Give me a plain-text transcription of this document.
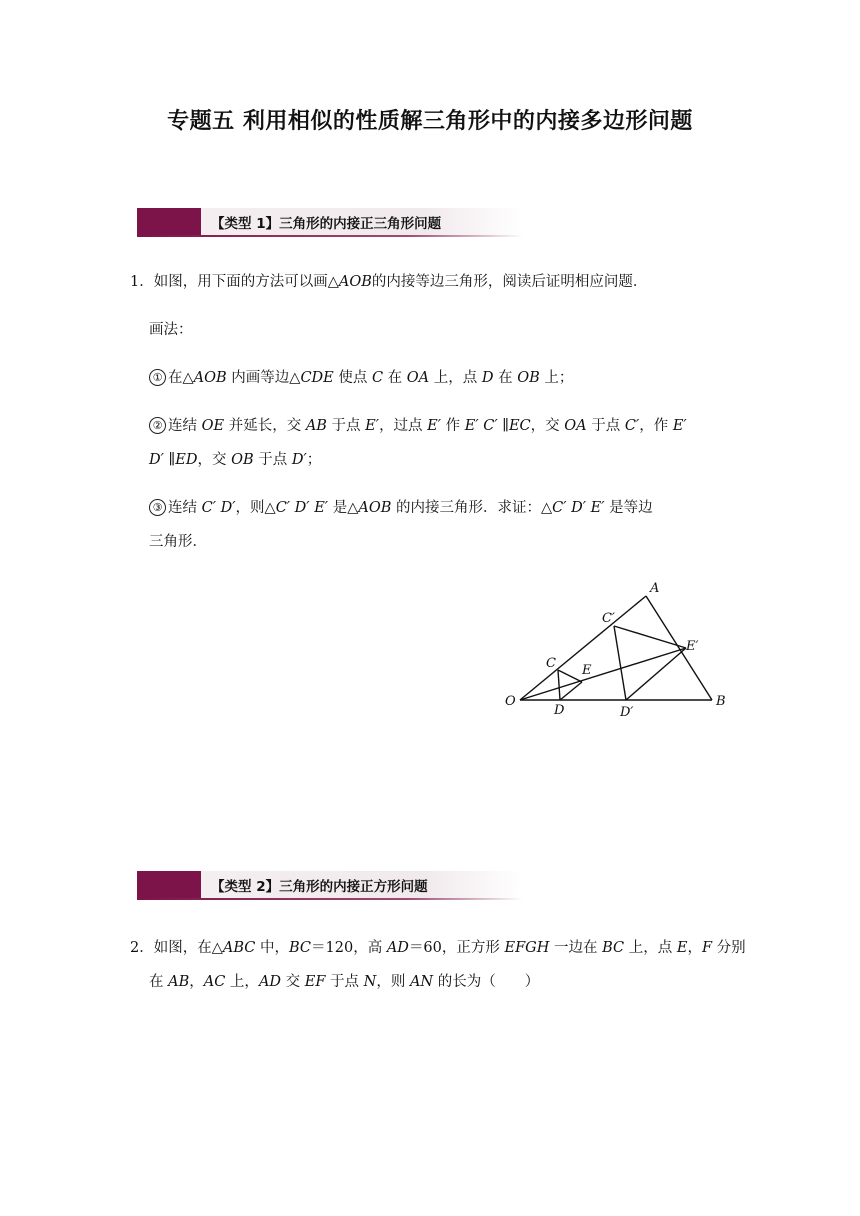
专题五 利用相似的性质解三角形中的内接多边形问题
【类型 1】三角形的内接正三角形问题
1．如图，用下面的方法可以画△AOB的内接等边三角形，阅读后证明相应问题．
画法：
① 在△AOB 内画等边△CDE 使点 C 在 OA 上，点 D 在 OB 上；
② 连结 OE 并延长，交 AB 于点 E′，过点 E′ 作 E′ C′ ∥EC，交 OA 于点 C′，作 E′
D′ ∥ED，交 OB 于点 D′；
③ 连结 C′ D′，则△C′ D′ E′ 是△AOB 的内接三角形．求证：△C′ D′ E′ 是等边
三角形．
A
O	B
C
D
E
C′
D′
E′
【类型 2】三角形的内接正方形问题
2．如图，在△ABC 中，BC＝120，高 AD＝60，正方形 EFGH 一边在 BC 上，点 E，F 分别
在 AB，AC 上，AD 交 EF 于点 N，则 AN 的长为（　　）
